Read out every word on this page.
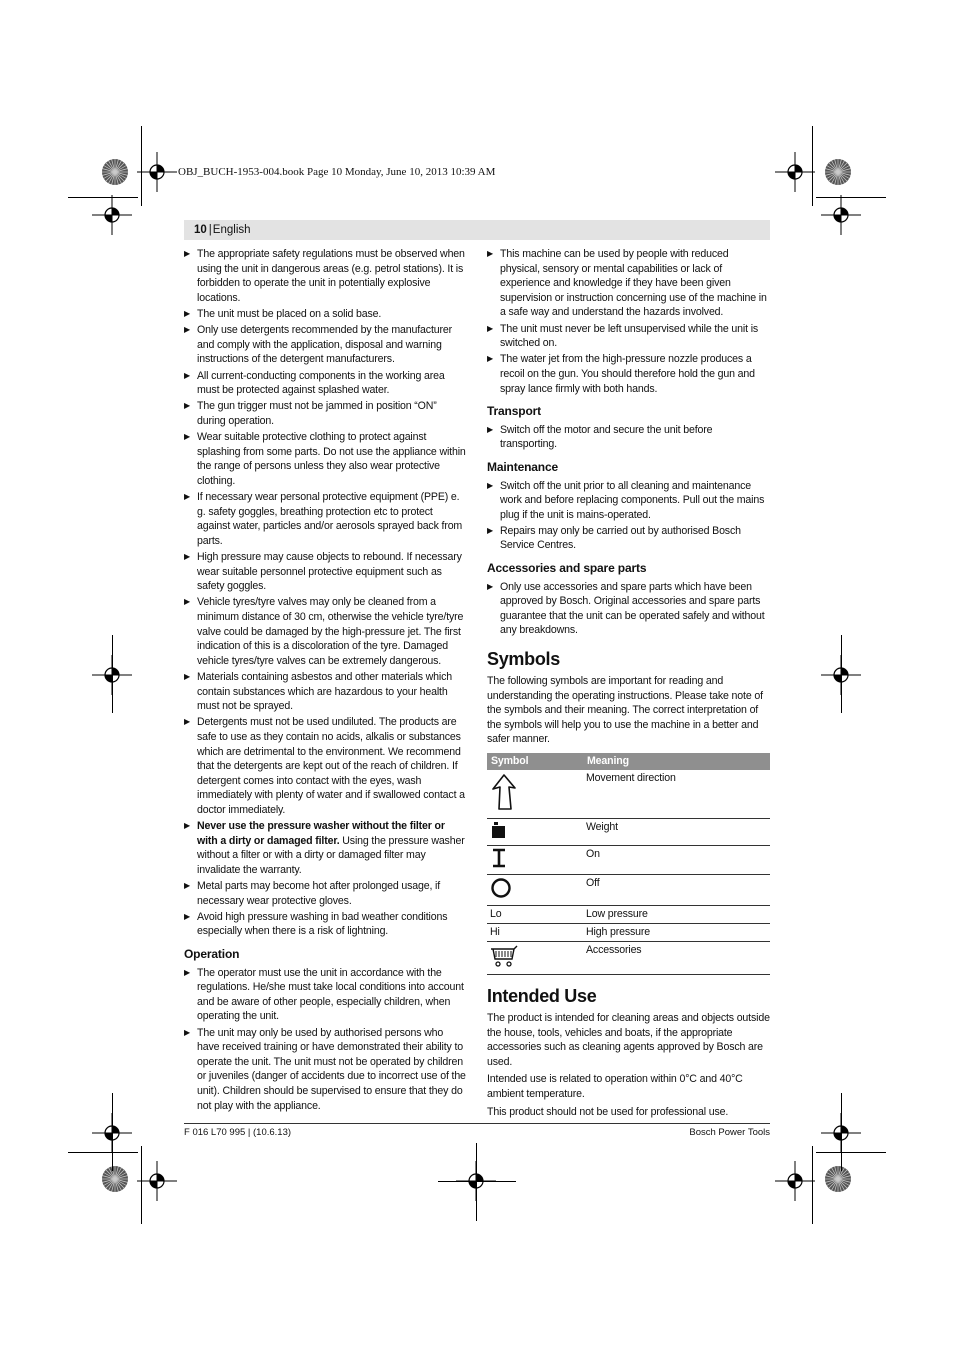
OBJ_BUCH-1953-004.book Page 10 Monday, June 10, 2013 10:39 AM
10 |English
▶ The appropriate safety regulations must be observed when using the unit in dangerous areas (e.g. petrol stations). It is forbidden to operate the unit in potentially explosive locations.
▶ The unit must be placed on a solid base.
▶ Only use detergents recommended by the manufacturer and comply with the application, disposal and warning instructions of the detergent manufacturers.
▶ All current-conducting components in the working area must be protected against splashed water.
▶ The gun trigger must not be jammed in position “ON” during operation.
▶ Wear suitable protective clothing to protect against splashing from some parts. Do not use the appliance within the range of persons unless they also wear protective clothing.
▶ If necessary wear personal protective equipment (PPE) e. g. safety goggles, breathing protection etc to protect against water, particles and/or aerosols sprayed back from parts.
▶ High pressure may cause objects to rebound. If necessary wear suitable personnel protective equipment such as safety goggles.
▶ Vehicle tyres/tyre valves may only be cleaned from a minimum distance of 30 cm, otherwise the vehicle tyre/tyre valve could be damaged by the high-pressure jet. The first indication of this is a discoloration of the tyre. Damaged vehicle tyres/tyre valves can be extremely dangerous.
▶ Materials containing asbestos and other materials which contain substances which are hazardous to your health must not be sprayed.
▶ Detergents must not be used undiluted. The products are safe to use as they contain no acids, alkalis or substances which are detrimental to the environment. We recommend that the detergents are kept out of the reach of children. If detergent comes into contact with the eyes, wash immediately with plenty of water and if swallowed contact a doctor immediately.
▶ Never use the pressure washer without the filter or with a dirty or damaged filter. Using the pressure washer without a filter or with a dirty or damaged filter may invalidate the warranty.
▶ Metal parts may become hot after prolonged usage, if necessary wear protective gloves.
▶ Avoid high pressure washing in bad weather conditions especially when there is a risk of lightning.
Operation
▶ The operator must use the unit in accordance with the regulations. He/she must take local conditions into account and be aware of other people, especially children, when operating the unit.
▶ The unit may only be used by authorised persons who have received training or have demonstrated their ability to operate the unit. The unit must not be operated by children or juveniles (danger of accidents due to incorrect use of the unit). Children should be supervised to ensure that they do not play with the appliance.
▶ This machine can be used by people with reduced physical, sensory or mental capabilities or lack of experience and knowledge if they have been given supervision or instruction concerning use of the machine in a safe way and understand the hazards involved.
▶ The unit must never be left unsupervised while the unit is switched on.
▶ The water jet from the high-pressure nozzle produces a recoil on the gun. You should therefore hold the gun and spray lance firmly with both hands.
Transport
▶ Switch off the motor and secure the unit before transporting.
Maintenance
▶ Switch off the unit prior to all cleaning and maintenance work and before replacing components. Pull out the mains plug if the unit is mains-operated.
▶ Repairs may only be carried out by authorised Bosch Service Centres.
Accessories and spare parts
▶ Only use accessories and spare parts which have been approved by Bosch. Original accessories and spare parts guarantee that the unit can be operated safely and without any breakdowns.
Symbols
The following symbols are important for reading and understanding the operating instructions. Please take note of the symbols and their meaning. The correct interpretation of the symbols will help you to use the machine in a better and safer manner.
Symbol	Meaning
	Movement direction
	Weight
	On
	Off
Lo	Low pressure
Hi	High pressure
	Accessories
Intended Use
The product is intended for cleaning areas and objects outside the house, tools, vehicles and boats, if the appropriate accessories such as cleaning agents approved by Bosch are used.
Intended use is related to operation within 0°C and 40°C ambient temperature.
This product should not be used for professional use.
F 016 L70 995 | (10.6.13)	Bosch Power Tools
